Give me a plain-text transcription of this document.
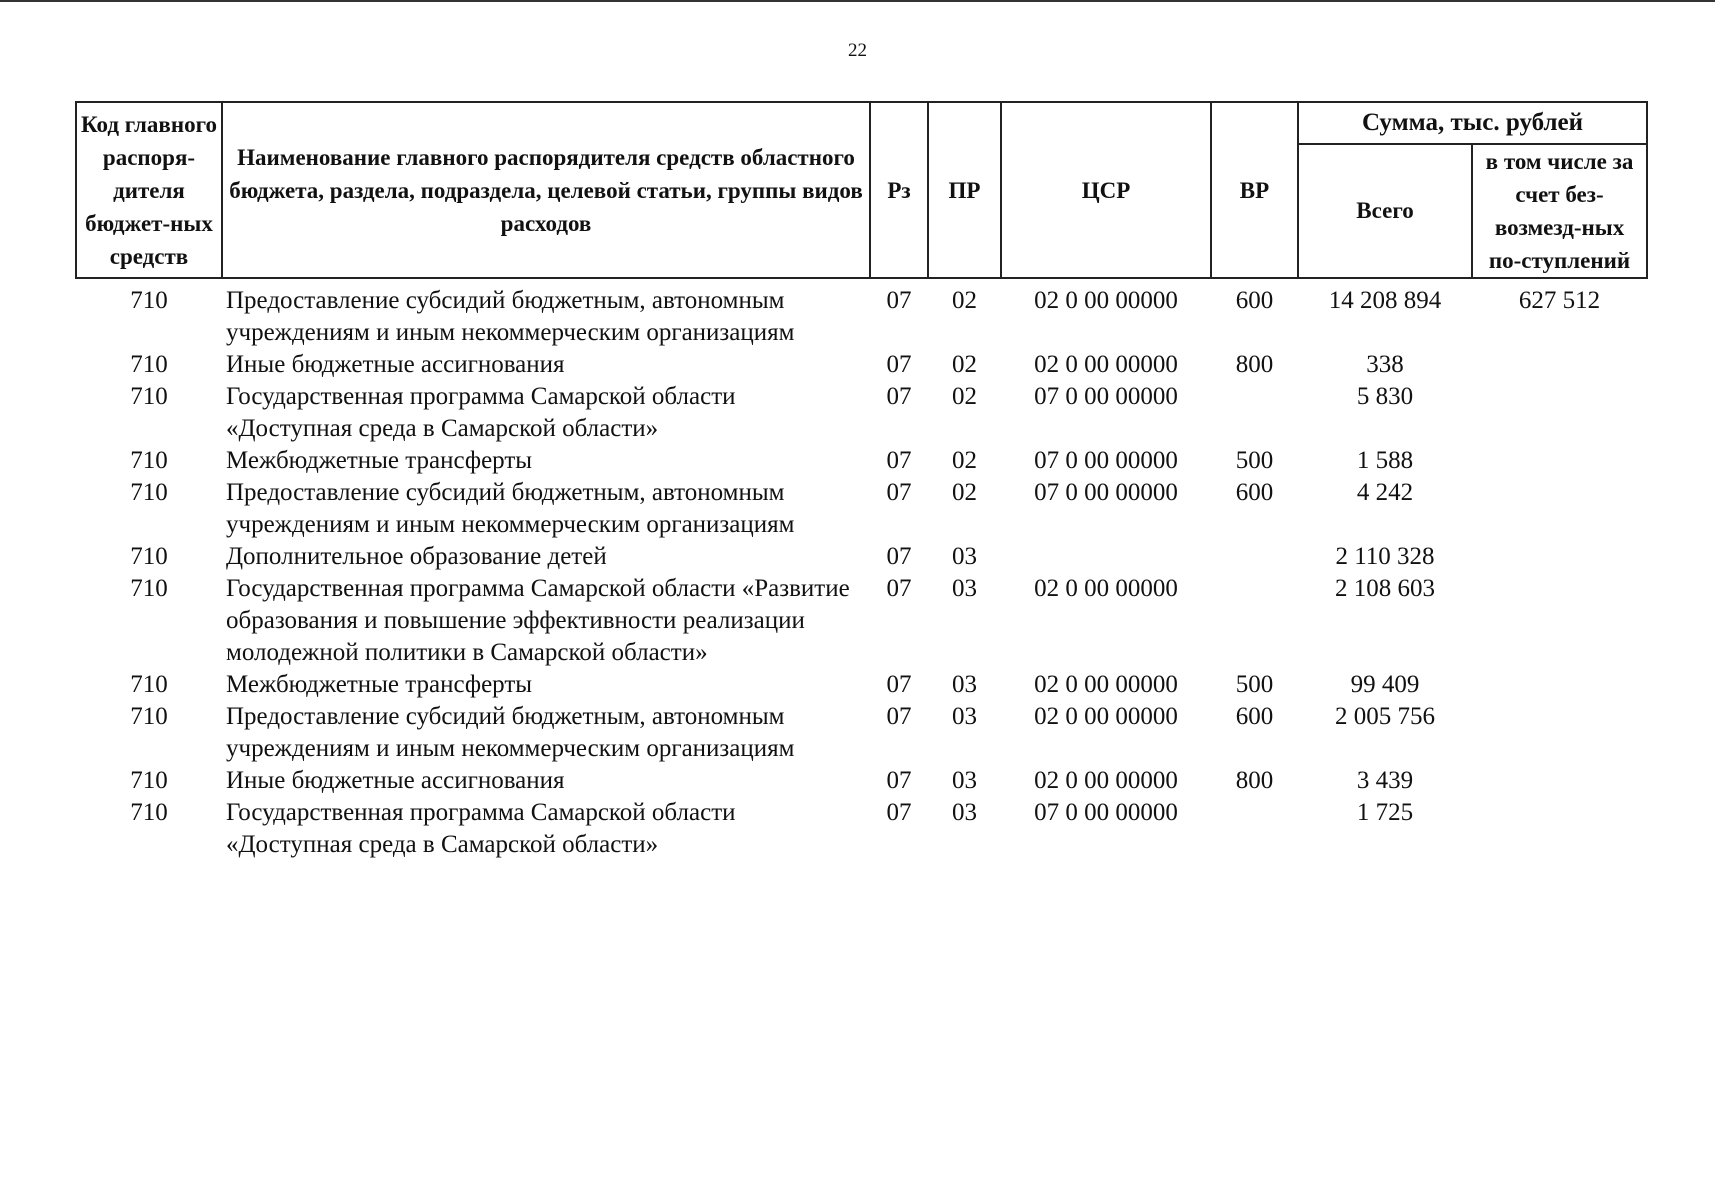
22
Код главного распоря-дителя бюджет-ных средств	Наименование главного распорядителя средств областного бюджета, раздела, подраздела, целевой статьи, группы видов расходов	Рз	ПР	ЦСР	ВР	Сумма, тыс. рублей	
						Всего	в том числе за счет без-возмезд-ных по-ступлений
710	Предоставление субсидий бюджетным, автономным учреждениям и иным некоммерческим организациям	07	02	02 0 00 00000	600	14 208 894	627 512
710	Иные бюджетные ассигнования	07	02	02 0 00 00000	800	338	
710	Государственная программа Самарской области «Доступная среда в Самарской области»	07	02	07 0 00 00000		5 830	
710	Межбюджетные трансферты	07	02	07 0 00 00000	500	1 588	
710	Предоставление субсидий бюджетным, автономным учреждениям и иным некоммерческим организациям	07	02	07 0 00 00000	600	4 242	
710	Дополнительное образование детей	07	03			2 110 328	
710	Государственная программа Самарской области «Развитие образования и повышение эффективности реализации молодежной политики в Самарской области»	07	03	02 0 00 00000		2 108 603	
710	Межбюджетные трансферты	07	03	02 0 00 00000	500	99 409	
710	Предоставление субсидий бюджетным, автономным учреждениям и иным некоммерческим организациям	07	03	02 0 00 00000	600	2 005 756	
710	Иные бюджетные ассигнования	07	03	02 0 00 00000	800	3 439	
710	Государственная программа Самарской области «Доступная среда в Самарской области»	07	03	07 0 00 00000		1 725	
